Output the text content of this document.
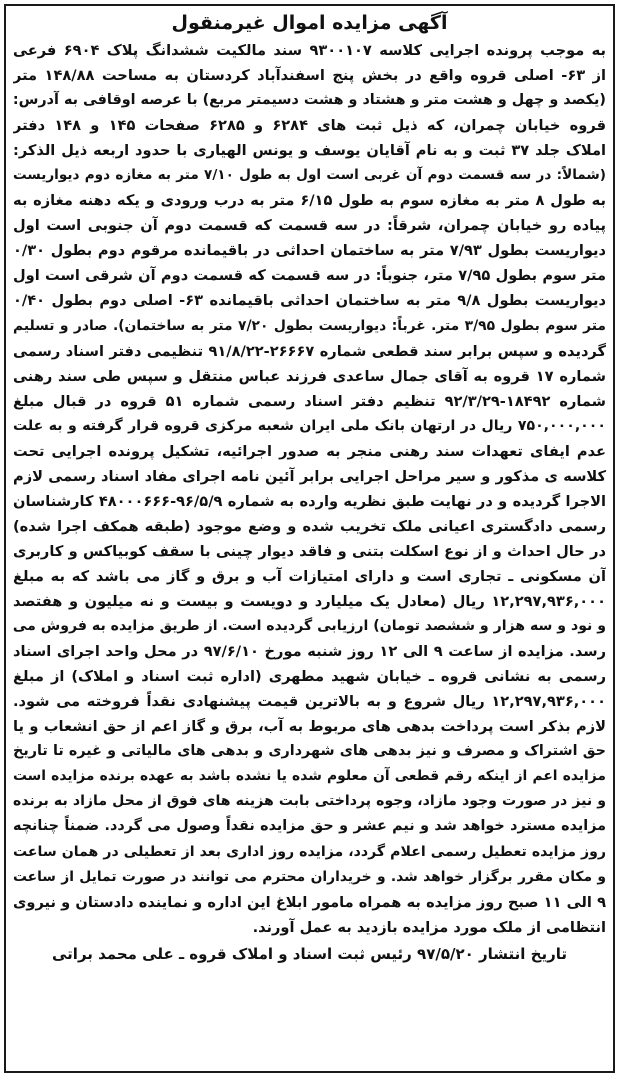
آگهی مزایده اموال غیرمنقول
به موجب پرونده اجرایی کلاسه ۹۳۰۰۱۰۷ سند مالکیت ششدانگ پلاک ۶۹۰۴ فرعی
از ۶۳- اصلی قروه واقع در بخش پنج اسفندآباد کردستان به مساحت ۱۴۸/۸۸ متر
(یکصد و چهل و هشت متر و هشتاد و هشت دسیمتر مربع) با عرصه اوقافی به آدرس:
قروه خیابان چمران، که ذیل ثبت های ۶۲۸۴ و ۶۲۸۵ صفحات ۱۴۵ و ۱۴۸ دفتر
املاک جلد ۳۷ ثبت و به نام آقایان یوسف و یونس الهیاری با حدود اربعه ذیل الذکر:
(شمالاً: در سه قسمت دوم آن غربی است اول به طول ۷/۱۰ متر به مغازه دوم دیواریست
به طول ۸ متر به مغازه سوم به طول ۶/۱۵ متر به درب ورودی و یکه دهنه مغازه به
پیاده رو خیابان چمران، شرقاً: در سه قسمت که قسمت دوم آن جنوبی است اول
دیواریست بطول ۷/۹۳ متر به ساختمان احداثی در باقیمانده مرقوم دوم بطول ۰/۳۰
متر سوم بطول ۷/۹۵ متر، جنوباً: در سه قسمت که قسمت دوم آن شرقی است اول
دیواریست بطول ۹/۸ متر به ساختمان احداثی باقیمانده ۶۳- اصلی دوم بطول ۰/۴۰
متر سوم بطول ۳/۹۵ متر. غرباً: دیواریست بطول ۷/۲۰ متر به ساختمان). صادر و تسلیم
گردیده و سپس برابر سند قطعی شماره ۲۶۶۶۷-۹۱/۸/۲۲ تنظیمی دفتر اسناد رسمی
شماره ۱۷ قروه به آقای جمال ساعدی فرزند عباس منتقل و سپس طی سند رهنی
شماره ۱۸۴۹۲-۹۲/۳/۲۹ تنظیم دفتر اسناد رسمی شماره ۵۱ قروه در قبال مبلغ
۷۵۰,۰۰۰,۰۰۰ ریال در ارتهان بانک ملی ایران شعبه مرکزی قروه قرار گرفته و به علت
عدم ایفای تعهدات سند رهنی منجر به صدور اجرائیه، تشکیل پرونده اجرایی تحت
کلاسه ی مذکور و سیر مراحل اجرایی برابر آئین نامه اجرای مفاد اسناد رسمی لازم
الاجرا گردیده و در نهایت طبق نظریه وارده به شماره ۹۶/۵/۹-۴۸۰۰۰۶۶۶ کارشناسان
رسمی دادگستری اعیانی ملک تخریب شده و وضع موجود (طبقه همکف اجرا شده)
در حال احداث و از نوع اسکلت بتنی و فاقد دیوار چینی با سقف کوبیاکس و کاربری
آن مسکونی ـ تجاری است و دارای امتیازات آب و برق و گاز می باشد که به مبلغ
۱۲,۲۹۷,۹۳۶,۰۰۰ ریال (معادل یک میلیارد و دویست و بیست و نه میلیون و هفتصد
و نود و سه هزار و ششصد تومان) ارزیابی گردیده است. از طریق مزایده به فروش می
رسد. مزایده از ساعت ۹ الی ۱۲ روز شنبه مورخ ۹۷/۶/۱۰ در محل واحد اجرای اسناد
رسمی به نشانی قروه ـ خیابان شهید مطهری (اداره ثبت اسناد و املاک) از مبلغ
۱۲,۲۹۷,۹۳۶,۰۰۰ ریال شروع و به بالاترین قیمت پیشنهادی نقداً فروخته می شود.
لازم بذکر است پرداخت بدهی های مربوط به آب، برق و گاز اعم از حق انشعاب و یا
حق اشتراک و مصرف و نیز بدهی های شهرداری و بدهی های مالیاتی و غیره تا تاریخ
مزایده اعم از اینکه رقم قطعی آن معلوم شده یا نشده باشد به عهده برنده مزایده است
و نیز در صورت وجود مازاد، وجوه پرداختی بابت هزینه های فوق از محل مازاد به برنده
مزایده مسترد خواهد شد و نیم عشر و حق مزایده نقداً وصول می گردد. ضمناً چنانچه
روز مزایده تعطیل رسمی اعلام گردد، مزایده روز اداری بعد از تعطیلی در همان ساعت
و مکان مقرر برگزار خواهد شد. و خریداران محترم می توانند در صورت تمایل از ساعت
۹ الی ۱۱ صبح روز مزایده به همراه مامور ابلاغ این اداره و نماینده دادستان و نیروی
انتظامی از ملک مورد مزایده بازدید به عمل آورند.
تاریخ انتشار ۹۷/۵/۲۰ رئیس ثبت اسناد و املاک قروه ـ علی محمد براتی
